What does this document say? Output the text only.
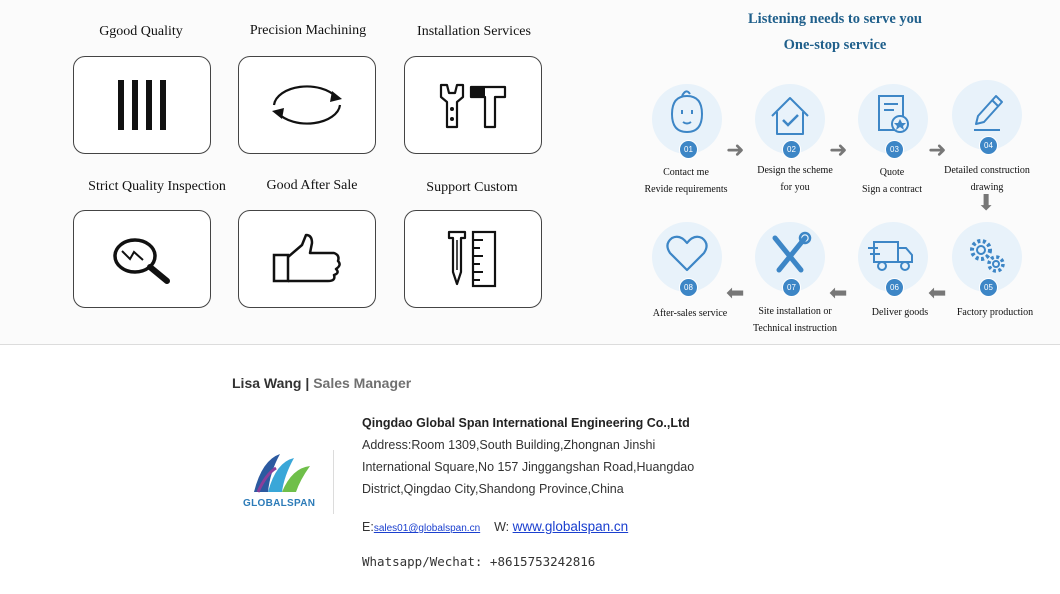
Ggood Quality	Precision Machining	Installation Services
Strict Quality Inspection	Good After Sale	Support Custom
Listening needs to serve you
One-stop service
01	02	03	04
Contact me
Revide requirements
Design the scheme
for you
Quote
Sign a contract
Detailed construction
drawing
➜	➜	➜
⬇
08	07	06	05
After-sales service	Site installation or
Technical instruction
Deliver goods	Factory production
⬅	⬅	⬅
Lisa Wang | Sales Manager
GLOBALSPAN
Qingdao Global Span International Engineering Co.,Ltd
Address:Room 1309,South Building,Zhongnan Jinshi
International Square,No 157 Jinggangshan Road,Huangdao
District,Qingdao City,Shandong Province,China
E:sales01@globalspan.cn W: www.globalspan.cn
Whatsapp/Wechat: +8615753242816
